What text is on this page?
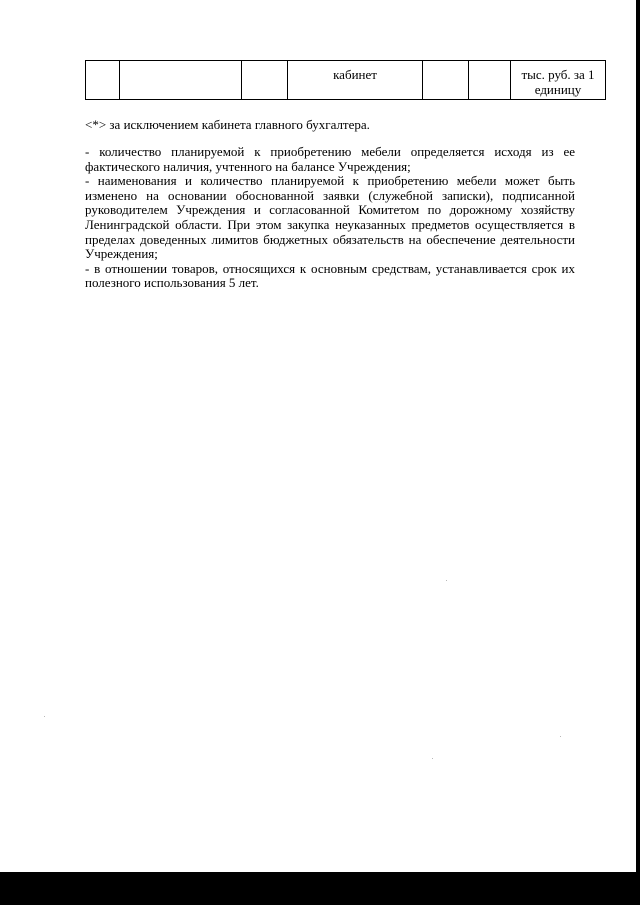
			кабинет			тыс. руб. за 1 единицу
<*> за исключением кабинета главного бухгалтера.

- количество планируемой к приобретению мебели определяется исходя из ее фактического наличия, учтенного на балансе Учреждения;

- наименования и количество планируемой к приобретению мебели может быть изменено на основании обоснованной заявки (служебной записки), подписанной руководителем Учреждения и согласованной Комитетом по дорожному хозяйству Ленинградской области. При этом закупка неуказанных предметов осуществляется в пределах доведенных лимитов бюджетных обязательств на обеспечение деятельности Учреждения;

- в отношении товаров, относящихся к основным средствам, устанавливается срок их полезного использования 5 лет.
